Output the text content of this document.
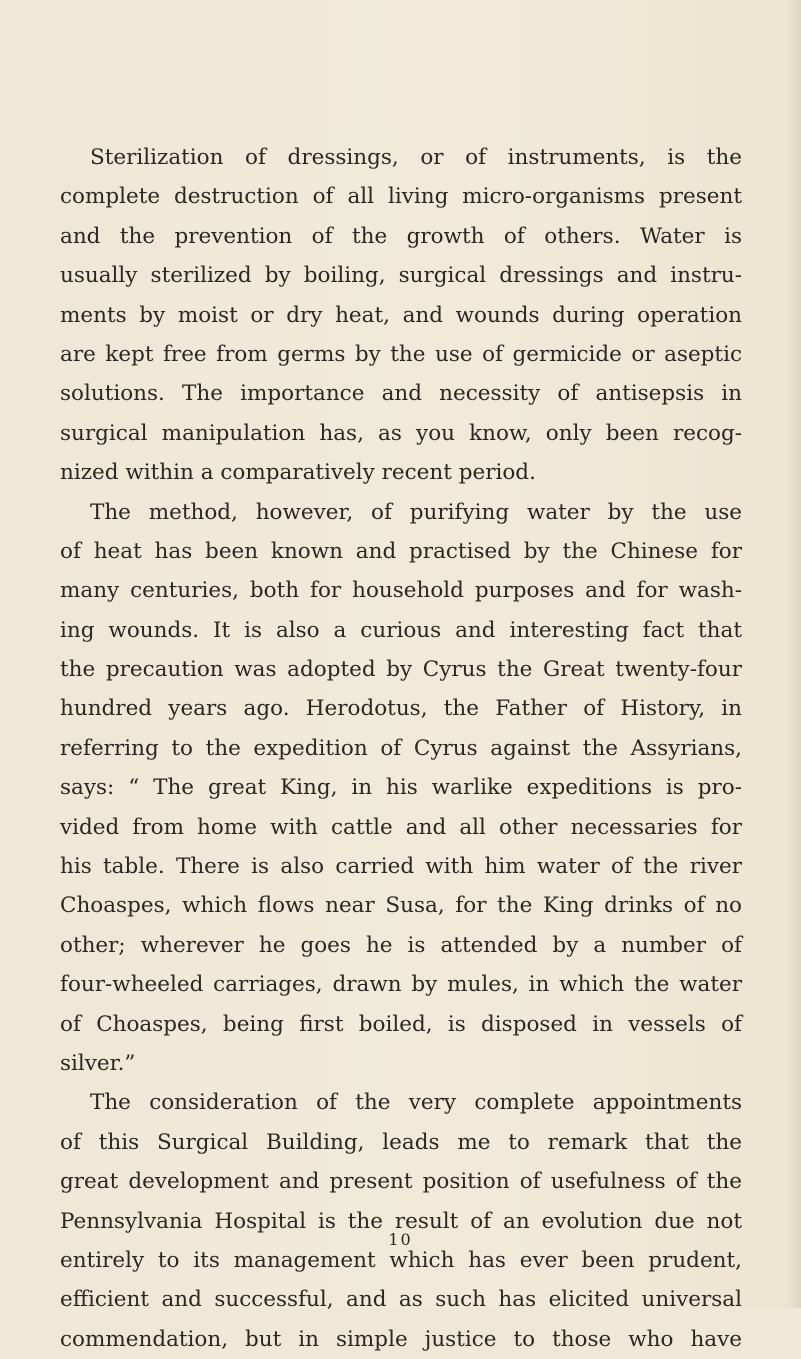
Sterilization of dressings, or of instruments, is the
complete destruction of all living micro-organisms present
and the prevention of the growth of others. Water is
usually sterilized by boiling, surgical dressings and instru-
ments by moist or dry heat, and wounds during operation
are kept free from germs by the use of germicide or aseptic
solutions. The importance and necessity of antisepsis in
surgical manipulation has, as you know, only been recog-
nized within a comparatively recent period.
The method, however, of purifying water by the use
of heat has been known and practised by the Chinese for
many centuries, both for household purposes and for wash-
ing wounds. It is also a curious and interesting fact that
the precaution was adopted by Cyrus the Great twenty-four
hundred years ago. Herodotus, the Father of History, in
referring to the expedition of Cyrus against the Assyrians,
says: “ The great King, in his warlike expeditions is pro-
vided from home with cattle and all other necessaries for
his table. There is also carried with him water of the river
Choaspes, which flows near Susa, for the King drinks of no
other; wherever he goes he is attended by a number of
four-wheeled carriages, drawn by mules, in which the water
of Choaspes, being first boiled, is disposed in vessels of
silver.”
The consideration of the very complete appointments
of this Surgical Building, leads me to remark that the
great development and present position of usefulness of the
Pennsylvania Hospital is the result of an evolution due not
entirely to its management which has ever been prudent,
efficient and successful, and as such has elicited universal
commendation, but in simple justice to those who have
10
